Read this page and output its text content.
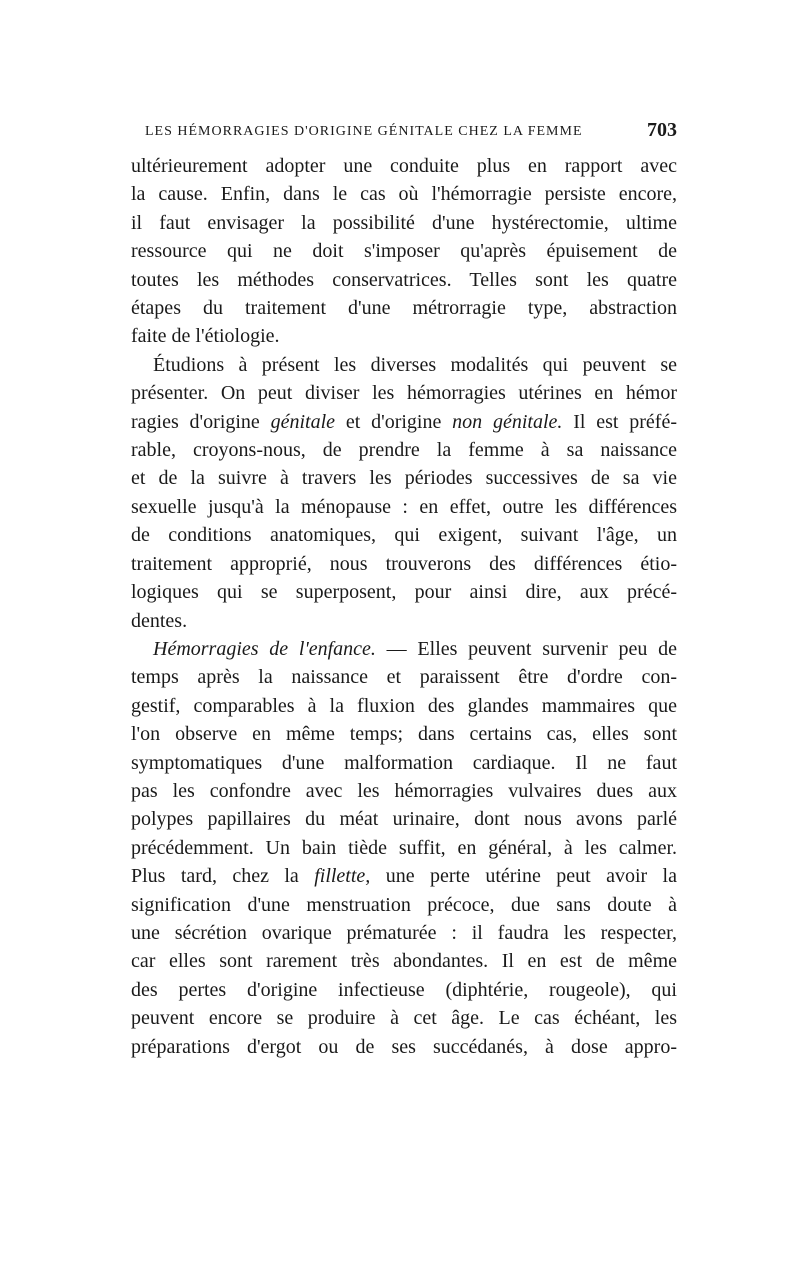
LES HÉMORRAGIES D'ORIGINE GÉNITALE CHEZ LA FEMME	703
ultérieurement adopter une conduite plus en rapport avec
la cause. Enfin, dans le cas où l'hémorragie persiste encore,
il faut envisager la possibilité d'une hystérectomie, ultime
ressource qui ne doit s'imposer qu'après épuisement de
toutes les méthodes conservatrices. Telles sont les quatre
étapes du traitement d'une métrorragie type, abstraction
faite de l'étiologie.
Étudions à présent les diverses modalités qui peuvent se
présenter. On peut diviser les hémorragies utérines en hémor
ragies d'origine génitale et d'origine non génitale. Il est préfé-
rable, croyons-nous, de prendre la femme à sa naissance
et de la suivre à travers les périodes successives de sa vie
sexuelle jusqu'à la ménopause : en effet, outre les différences
de conditions anatomiques, qui exigent, suivant l'âge, un
traitement approprié, nous trouverons des différences étio-
logiques qui se superposent, pour ainsi dire, aux précé-
dentes.
Hémorragies de l'enfance. — Elles peuvent survenir peu de
temps après la naissance et paraissent être d'ordre con-
gestif, comparables à la fluxion des glandes mammaires que
l'on observe en même temps; dans certains cas, elles sont
symptomatiques d'une malformation cardiaque. Il ne faut
pas les confondre avec les hémorragies vulvaires dues aux
polypes papillaires du méat urinaire, dont nous avons parlé
précédemment. Un bain tiède suffit, en général, à les calmer.
Plus tard, chez la fillette, une perte utérine peut avoir la
signification d'une menstruation précoce, due sans doute à
une sécrétion ovarique prématurée : il faudra les respecter,
car elles sont rarement très abondantes. Il en est de même
des pertes d'origine infectieuse (diphtérie, rougeole), qui
peuvent encore se produire à cet âge. Le cas échéant, les
préparations d'ergot ou de ses succédanés, à dose appro-
